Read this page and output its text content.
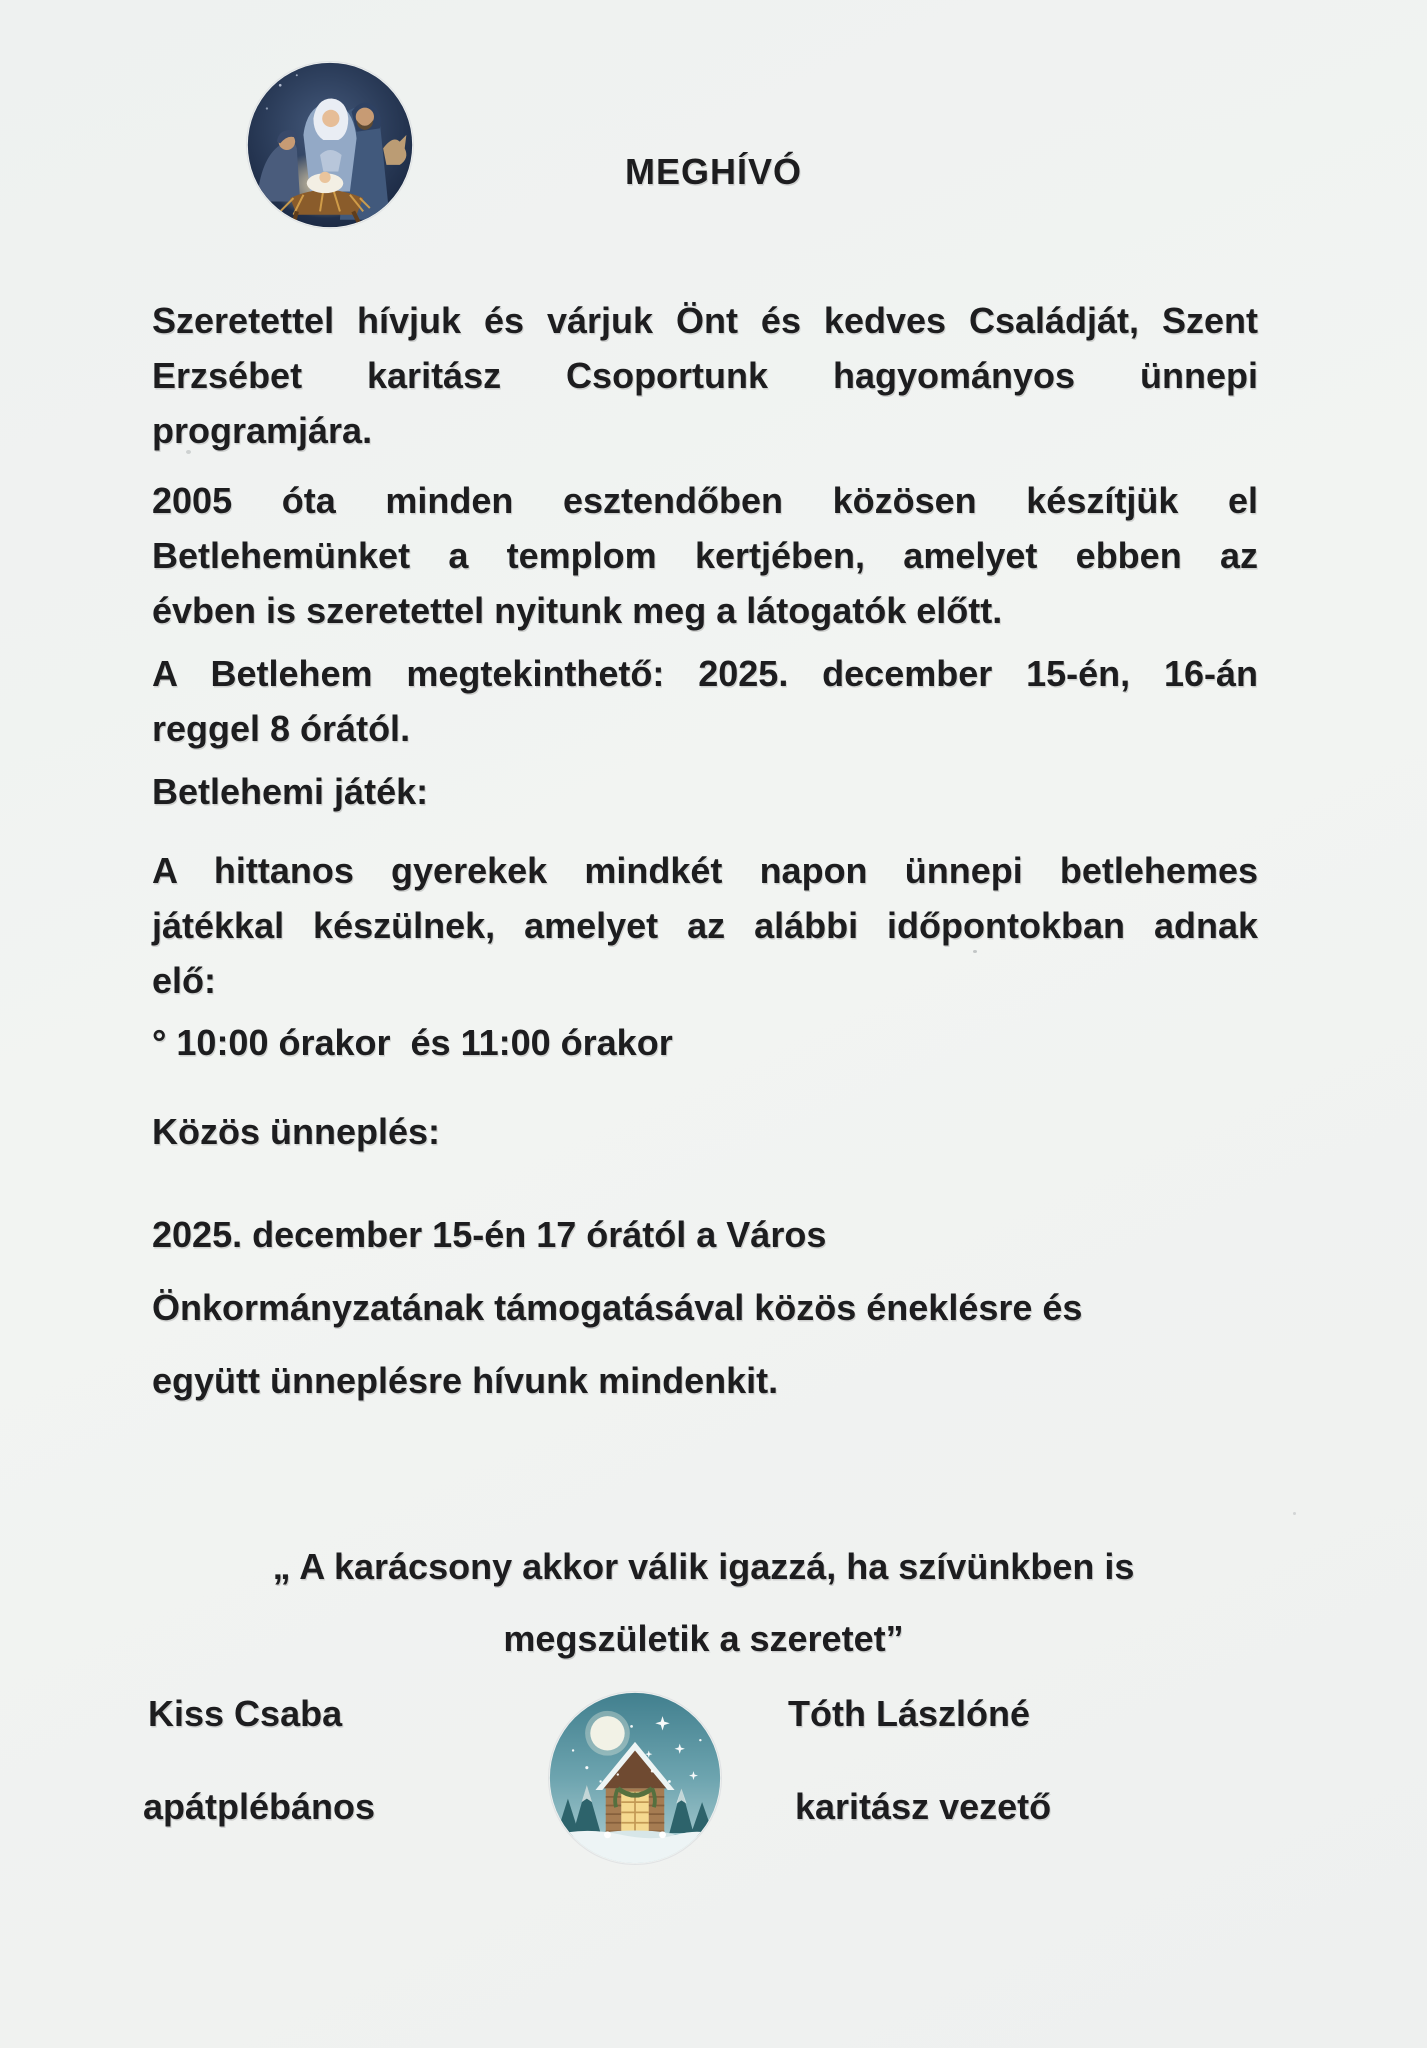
MEGHÍVÓ
Szeretettel hívjuk és várjuk Önt és kedves Családját, Szent
Erzsébet karitász Csoportunk hagyományos ünnepi
programjára.
2005 óta minden esztendőben közösen készítjük el
Betlehemünket a templom kertjében, amelyet ebben az
évben is szeretettel nyitunk meg a látogatók előtt.
A Betlehem megtekinthető: 2025. december 15-én, 16-án
reggel 8 órától.
Betlehemi játék:
A hittanos gyerekek mindkét napon ünnepi betlehemes
játékkal készülnek, amelyet az alábbi időpontokban adnak
elő:
° 10:00 órakor  és 11:00 órakor
Közös ünneplés:
2025. december 15-én 17 órától a Város
Önkormányzatának támogatásával közös éneklésre és
együtt ünneplésre hívunk mindenkit.
„ A karácsony akkor válik igazzá, ha szívünkben is
megszületik a szeretet”
Kiss Csaba
apátplébános
Tóth Lászlóné
karitász vezető
